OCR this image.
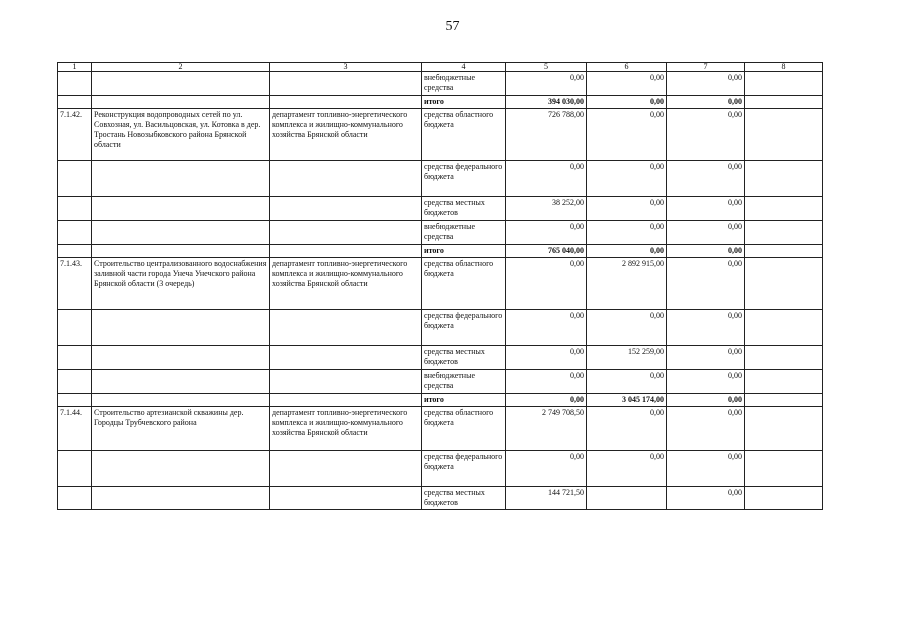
57
1	2	3	4	5	6	7	8
			внебюджетные средства	0,00	0,00	0,00	
			итого	394 030,00	0,00	0,00	
7.1.42.	Реконструкция водопроводных сетей по ул. Совхозная, ул. Васильцовская, ул. Котовка в дер. Тростань Новозыбковского района Брянской области	департамент топливно-энергетического комплекса и жилищно-коммунального хозяйства Брянской области	средства областного бюджета	726 788,00	0,00	0,00	
			средства федерального бюджета	0,00	0,00	0,00	
			средства местных бюджетов	38 252,00	0,00	0,00	
			внебюджетные средства	0,00	0,00	0,00	
			итого	765 040,00	0,00	0,00	
7.1.43.	Строительство централизованного водоснабжения заливной части города Унеча Унечского района Брянской области (3 очередь)	департамент топливно-энергетического комплекса и жилищно-коммунального хозяйства Брянской области	средства областного бюджета	0,00	2 892 915,00	0,00	
			средства федерального бюджета	0,00	0,00	0,00	
			средства местных бюджетов	0,00	152 259,00	0,00	
			внебюджетные средства	0,00	0,00	0,00	
			итого	0,00	3 045 174,00	0,00	
7.1.44.	Строительство артезианской скважины дер. Городцы Трубчевского района	департамент топливно-энергетического комплекса и жилищно-коммунального хозяйства Брянской области	средства областного бюджета	2 749 708,50	0,00	0,00	
			средства федерального бюджета	0,00	0,00	0,00	
			средства местных бюджетов	144 721,50		0,00	
